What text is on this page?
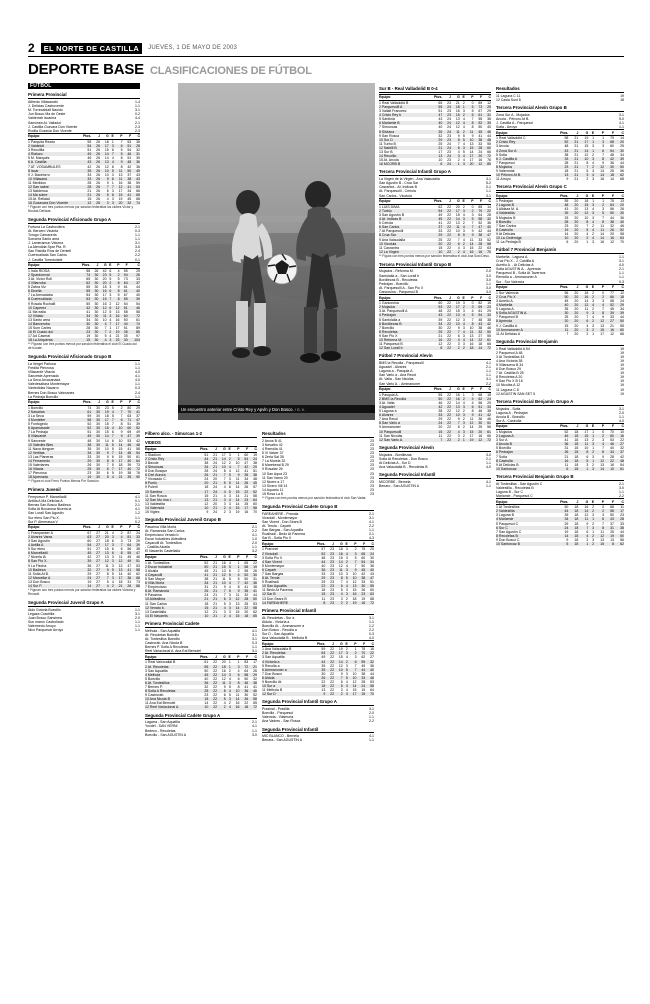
2	EL NORTE DE CASTILLA	JUEVES, 1 DE MAYO DE 2003
DEPORTE BASE CLASIFICACIONES DE FÚTBOL
Un encuentro anterior entre Cristo Rey y Apvln y Don Bosco. / G. V.
FÚTBOL
Primera Provincial
Atlhedo Villasanabl	1-4
J. Delicias Castroverde	1-1
M. Torrecablalt Nacido	3-1
Jun Bosco Ma de Oeste	0-2
Valderrab Iscarina	4-4
Sansinea At. Valladol	2-1
J. Castilla Gozvara Don Vicente	2-3
Rodila Gozavia Don Vicente	2-3
Equipo	Ptos.	J	G	E	P	F	C
1 Parquita Rezdo	55	26	18	1	7	53	36
2 Valdelolt	54	26	17	3	6	51	28
3 Recollita	51	26	15	6	5	54	32
4 Rialozo	49	26	14	7	5	46	31
5 M. Marqués	46	26	14	4	8	51	39
6 A. Castilla	43	26	13	4	9	48	36
7 AT. VOSAMBULES	42	26	12	6	8	42	36
8 Iscar	35	26	10	5	11	50	45
9 J. Bacetorro	33	26	10	3	13	37	43
10 Villasana	33	26	9	6	11	38	43
11 Medidos	28	26	9	1	16	38	59
12 San sabre	28	26	7	7	12	41	53
13 Naldensa	21	26	6	3	17	34	66
14 Ma sobre	21	26	5	6	15	41	65
15 At. Rellatal	15	26	4	3	19	45	68
16 Gozavara Don Vicente	12	26	3	3	20	32	74
* Figuran con tres puntos menos por sanción federativa los clubes Víctor y Nicolás Delicias.
Segunda Provincial Aficionado Grupo A
Fortuna La Castrovilera	2-1
At. Bercero Vicanta	0-3
Torogo Camaceria	1-1
Sonsera Santo area	1-1
J. Lameramun Viduma	3-1
La Atendida Spar Pta. R.	3-6
San Ratolla Ríos de Dentell	2-4
Cuerecallada San Carlos	2-2
J. Castilla Torredolablr	0-1
Equipo	Ptos.	J	G	E	P	F	C
1 Irala RIOSA	58	26	42	6	4	55	25
2 Spardomval	74	30	23	5	2	94	26
3 At. Victor Roll	65	30	20	5	5	73	33
4 Villarroba	62	30	20	2	8	64	37
5 Zabra Vlz	55	30	18	3	9	61	44
6 Dicella	55	30	16	6	8	61	40
7 La Arenadaba	54	30	17	3	5	67	40
8 Cuerecallada	53	30	15	7	8	55	39
9 Rosala Rochalll	50	30	16	2	12	54	54
10 Caperez	42	30	12	6	12	51	46
11 Ma ealla	41	30	12	5	13	58	58
12 Vildalo	34	30	11	3	16	60	72
13 Santo area	34	30	10	4	16	50	61
14 Banceroba	30	30	4	7	17	40	74
15 Sum Carles	28	30	7	1	17	51	89
16 El Cuado dol	23	30	7	2	19	35	85
17 Ad Caseral	19	30	5	4	21	35	97
18 La Arlquenta	15	30	4	3	23	30	104
** Figuran con tres puntos menos por sanción federativa el club El Cuado dol de bocale.
Segunda Provincial Aficionado Grupo B
La Vergel Parlona	1-1
Fredita Pterzosa	1-1
Villacarde Vitacia	4-0
Sanceste Aprenada	4-1
La Seca Arcacanada	4-0
Valedesaltara Montemayor	1-1
Vantedidas Navarro	0-3
Bernes Don Bosco Valecanes	2-4
La Pedraja Boecillo	1-1
Equipo	Ptos.	J	G	E	P	F	C
1 Boecillo	74	30	23	5	2	80	29
2 Navarlas	61	30	19	4	7	70	41
3 La Seca	59	30	18	5	7	63	37
4 Monteller	58	30	17	7	6	71	47
5 Fontogedo	52	30	15	7	8	51	39
6 Aparnasade	52	30	16	4	10	60	52
7 La Pedraja	51	30	15	6	9	69	49
8 Villacarde	49	30	14	7	9	47	39
9 Sanceste	48	30	14	6	10	53	42
10 Valedes Bles	38	30	11	5	14	46	48
11 Nava tlonguer	35	30	10	5	15	41	58
12 Vertitas	34	30	9	7	14	48	54
13 Las Planeras	33	30	9	6	15	50	61
14 Ferramedo	29	30	8	5	17	40	64
15 Valerianes	26	30	7	5	18	39	73
16 Vitacia	25	30	6	7	17	40	72
17 Pterzosa	23	30	6	5	19	38	76
18 Aprenada	19	30	5	4	21	35	90
** Figura el club Ferro Puntos Menos Por Sanción.
Primera Juvenil
Femporsor P. Marcelladll	4-1
Antilla A Ma Delicias A	0-1
Bernas San Bosco Badieza	2-1
Sotla At Bocarosa Niceria ia	4-1
San Lorall San Agustín	1-2
Sur etmo San Pio X.	1-1
Sur P. Almerasca V	0-2
Equipo	Ptos.	J	G	E	P	F	C
1 Frampanser A	67	27	21	4	2	87	24
2 Alvarez Varas	63	27	20	3	4	81	33
3 San Agustín	60	27	18	6	3	73	29
4 Antilla A	54	27	17	3	7	64	39
5 Sur etmo	51	27	15	6	6	56	38
6 Marcelladll	45	27	13	6	8	55	47
7 Nicerla lA	42	27	13	3	11	49	46
8 San Pio X.	39	27	12	3	12	49	51
9 La Flecha	36	27	11	3	13	47	53
10 Badieza	32	27	9	5	13	41	58
11 Sotla At B.	29	27	8	5	14	40	62
12 Marcellar A	24	27	7	3	17	36	68
13 Don Bosco	19	27	5	4	18	31	73
14 Sur P.	14	27	4	2	21	26	88
* Figuran con tres puntos menos por sanción federativa los clubes Victoria y Renault.
Segunda Provincial Juvenil Grupo A
Aldo Gotorla Boecillo	1-1
Legaza Cuadrilla	3-1
Juan Bosco Sansinea	2-0
Sun mamo Castrollado	1-1
Valermedo Arroyo	1-1
Nico Parquesar Arroyo	1-1
Filbero alco. - Simurcas 1-2
VIDEOS
Equipo	Ptos.	J	G	E	P	F	C
1 Stadium	51	21	17	3	1	60	19
2 Cristo Rey	44	21	14	2	5	54	24
3 Bacole	38	24	12	2	10	47	38
4 Simuncas	34	21	10	4	7	42	29
5 Don Bosque	28	24	8	4	12	41	51
6 Ceri Aurora	26	21	7	5	9	35	38
7 Vicosado C.	24	20	7	3	11	34	48
8 Puelo	20	21	5	5	11	26	45
9 Pulerli	18	24	4	6	14	26	57
10 Sambra	17	24	4	5	15	22	52
11 San Rosca	15	21	4	3	14	21	58
12 San Mu Ima I.	13	21	3	4	14	23	64
13 Valdestita	12	20	3	3	14	25	60
14 Valemdol	10	21	2	4	15	17	58
15 Vigtex	9	24	2	3	19	16	70
Segunda Provincial Juvenil Grupo B
Pasarina Villa Morla	2-1
At. Ramanola San Carlos	2-2
Emperciano Venato b.	4-1
Escar Industries Aldeallma	1-0
Cayacolll At. Tordesillos	2-0
- Castilla Alcalla	1-1
El Navarrils Castellalla	3-2
Equipo	Ptos.	J	G	E	P	F	C
1 At. Tordesillos	52	21	16	4	1	65	22
2 Escar Industrial	50	21	15	5	1	58	19
3 Alcalla	45	21	13	6	2	55	26
4 Cayacolll	41	21	12	5	4	52	30
5 San Mayor	38	21	11	5	5	50	31
6 Villa Morla	34	21	10	4	7	42	36
7 Emperciano	31	21	9	4	8	41	38
8 At. Ramanola	26	21	7	5	9	35	41
9 Pasarina	24	21	7	3	11	32	44
10 Aldeallma	21	21	6	3	12	28	50
11 San Carlos	18	21	5	3	13	25	53
12 Venato b.	15	21	4	3	14	22	58
13 Castellalla	12	21	3	3	15	20	62
14 El Navarrils	10	21	2	4	15	18	65
Primera Provincial Cadete
Melhola - San Aquatlla	4-1
At. Recoletas Boecillo	3-1
At. Tordesillos Boecillo	3-1
Castrorab. Ana Nicola B	0-3
Bernes P. Sotla A Recoletas	1-1
Reel Variacional A. Ana Eal Bemolel	3-1
Equipo	Ptos.	J	G	E	P	F	C
1 Real Valorcalial B	61	22	20	1	1	83	17
2 At. Recoletas	55	22	18	1	3	72	21
3 San Aquatlla	50	22	16	2	4	64	26
4 Melhola	45	22	14	3	5	58	29
5 Boecillo	40	22	12	4	6	50	32
6 At. Tordesillos	36	22	11	3	8	46	38
7 Bernes P.	32	22	9	5	8	41	41
8 Sotla A Recoletas	28	22	8	4	10	36	46
9 Castrorab.	23	22	6	5	11	30	52
10 Ana Nicola B	18	22	5	3	14	26	58
11 Ana Eal Bemolel	14	22	4	2	16	22	65
12 Reel Variacional A.	10	22	2	4	16	18	72
Segunda Provincial Cadete Grupo A
Lagarra - San Aquatlla	2-1
Yuxdel - SAN VERNI	4-1
Bedeco - Recoletas	1-1
Boecillo - San AGUSTIN A	3-0
Resultados
2 Arcos B 41	23
3 Nevalbo 42	23
4 Remolla 41	23
5 Vi Valver 37	23
6 Zeria Sal 35	23
7 La Morela 32	23
8 Mareberal B 29	23
9 Rosaliar 26	23
10 San Aqua 23	23
11 San Varno 20	23
12 Nuere a 17	23
13 Sivero Vlll 14	23
14 Aquario 11	23
15 Rosa La 8	23
** Figura con tres puntos menos por sanción federativa el club San Vadar.
Segunda Provincial Cadete Grupo B
FAREAHERE - Pranola	2-1
Vicsolall - Montemayor	3-1
San Vlcent - Don Sears B	4-1
At. Terola - Cayarb	2-2
San Bargas - San Aquatlla	1-1
Roallradi - Bedo At Pacema	2-1
Sar B - Sotla Pio X	4-3
Equipo	Ptos.	J	G	E	P	F	C
1 Praronel	57	23	18	3	2	75	20
2 Vicsolall	52	23	16	4	3	65	24
3 Sotla Pio X	48	23	15	3	5	60	30
4 San Vlcent	44	23	14	2	7	54	34
5 Montemayor	40	23	12	4	7	50	36
6 Cayarb	36	23	11	3	9	45	40
7 San Bargas	33	23	10	3	10	42	43
8 At. Terola	29	23	8	5	10	38	47
9 Roallradi	25	23	7	4	12	33	51
10 San Aquatlla	22	23	6	4	13	30	55
11 Bedo At Pacema	18	23	5	3	15	26	60
12 Sar B	15	23	4	3	16	23	63
13 Don Sears B	11	23	3	2	18	19	68
14 FAREAHERE	8	23	2	2	19	16	72
Primera Provincial Infantil
At. Recoletas - Sur a	3-1
Aldola - Victoria a	1-1
Boecillo At. - Ammanuner a	1-2
Don Bosco - Recolla a	2-2
Sur D - San Aquatlla	0-3
Ana Valaudalla B - Melhola B	4-0
Equipo	Ptos.	J	G	E	P	F	C
1 Ana Valaudalla B	59	22	19	2	1	78	16
2 At. Recoletas	54	22	17	3	2	70	22
3 San Aquatlla	49	22	15	4	3	62	27
4 Victoria a	44	22	14	2	6	55	32
5 Recolla a	39	22	12	3	7	49	36
6 Ammanuner a	35	22	10	5	7	44	40
7 Don Bosco	30	22	9	3	10	38	44
8 Aldola	26	22	7	5	10	33	48
9 Boecillo At.	22	22	6	4	12	28	53
10 Sur a	18	22	5	3	14	24	58
11 Melhola B	13	22	3	4	15	19	64
12 Sur D	9	22	2	3	17	15	70
Segunda Provincial Infantil Grupo A
Prasinal - Pradilla	3-1
Boeclllo - Parquesol	2-0
Valemda - Vilamurla	1-1
Ana Vadres - San Rosca	2-2
Segunda Provincial Infantil
MIC BLANCO - Bernela	4-1
Benara - San AGUSTIN A	1-1
Sur B - Real Valladolid B 0-4
Equipo	Ptos.	J	G	E	P	F	C
1 Real Valladolid B	65	23	21	2	0	89	12
2 Parquesolll A	55	24	18	1	5	73	25
3 Vallalt Francesc	51	23	16	3	5	67	29
4 Cristo Rey b	47	23	15	2	6	61	31
5 Sardinia	43	24	13	4	7	55	36
6 Marlamle B	40	24	12	4	8	52	39
7 Simuncas	40	24	12	4	8	50	40
8 Silviana	35	24	11	2	11	45	46
9 San Rosca	32	23	9	5	9	41	44
10 Sur D	29	23	8	5	10	38	48
11 Turbo B	25	24	7	4	13	33	55
12 Nabilll B	21	24	6	3	15	28	60
13 Sur B	17	23	4	5	14	24	66
14 Recolllo	13	24	3	4	17	20	72
15 At. Arcola	10	23	2	4	17	16	76
16 MCORB B	6	24	1	3	20	12	85
Tercera Provincial Infantil Grupo A
La Virgen de la Virgen - Ana Valaudalla	3-1
San Agustín B - Crua Sar	5-2
Casrantra - At. Indicas B	0-1
At. Parquesolll - Ceriola	1-1
San Carlos - Vicotula	3-1
Equipo	Ptos.	J	G	E	P	F	C
1 LUIS DIMA	62	22	20	2	0	85	14
2 Turbio	54	22	17	3	2	70	22
3 San Agustín B	49	22	15	4	3	64	28
4 At. Indicas B	45	22	14	3	5	58	32
5 Ceriola	41	22	13	2	7	52	36
6 San Carlos	37	22	11	4	7	47	40
7 At Parquesolll	33	22	10	3	9	42	44
8 Crua Sar	29	22	8	5	9	38	47
9 Ana Valaudalla	25	22	7	4	11	33	52
10 Vicotula	20	22	6	2	14	28	58
11 Casrantra	15	22	4	3	15	22	63
12 La Virgen	10	22	2	4	16	16	70
** Figura con tres puntos menos por sanción federativa el club Ana Sust Deso.
Tercera Provincial Infantil Grupo B
Mojados - Reforma M.	2-0
Santolalla a - San Lorall b	3-0
Bordilezas B - Recoletas	3-0
Pedrajan - Boecillo	1-1
At. Parquesolll A - San Pio X	3-0
Gancosina - Parquesol B	3-0
Equipo	Ptos.	J	G	E	P	F	C
1 Gancosina	60	22	19	3	0	82	15
2 Mojados	53	22	17	2	3	69	23
3 At. Parquesolll A	48	22	15	3	4	61	29
4 Pedrajan	43	22	13	4	5	54	33
5 Santolalla a	39	22	12	3	7	48	38
6 Bordilezas B	34	22	10	4	8	43	42
7 Boecillo	30	22	9	3	10	38	46
8 Recoletas	25	22	7	4	11	32	50
9 San Pio X	21	22	6	3	13	27	55
10 Reforma M.	16	22	4	4	14	22	61
11 Parquesol B	12	22	3	3	16	18	66
12 San Lorall b	8	22	2	2	18	14	72
Fútbol 7 Provincial Alevín
BMS Ia Recolla - Parquesolll	4-1
Aguadel - Alvarez	2-1
Laguna a - Pasquia A.	1-1
San Varlo a - Ana Recol	1-1
At. Valla - San Nicolás	3-1
San Varlo A. - Ammanuner	2-2
Equipo	Ptos.	J	G	E	P	F	C
1 Pasquia A.	55	22	18	1	3	68	18
2 BMS Ia Recolla	50	22	16	2	4	62	24
3 At. Valla	46	22	14	4	4	56	29
4 Aguadel	42	22	13	3	6	51	33
5 Laguna a	38	22	12	2	8	46	38
6 Alvarez	33	22	10	3	9	41	42
7 Ana Recol	29	22	9	2	11	36	46
8 San Varlo a	24	22	7	3	12	30	51
9 Ammanuner	20	22	6	2	14	25	56
10 Parquesolll	15	22	4	3	15	20	61
11 San Nicolás	11	22	3	2	17	16	66
12 San Varlo A.	7	22	2	1	19	12	72
Segunda Provincial Alevín
Mojados - Bordilezas	3-0
Sotla At Recoletas - Don Bosco	2-1
At Delicias A - Sur D	1-1
Ana Valaudalla B - Recoletas B	4-0
Segunda Provincial Infantil
MICORBE - Bernela	4-1
Benaro - San AGUSTIN A	1-1
Resultados
11 Laguna C 11	19
12 Casla Sunl 8	18
Tercera Provincial Alevín Grupo B
Zona Sur A - Mojados	3-1
Arcola - Pélvoro At B.	5-0
J. Castilla A - Parquesol	4-1
Sotla - Arroyo	1-1
Equipo	Ptos.	J	G	E	P	F	C
1 Real Valladolid C	58	21	19	1	1	79	14
2 Cristo Rey	52	21	17	1	3	68	20
3 Arcola	48	21	15	3	3	60	25
4 Zona Sur A	43	21	14	1	6	54	30
5 Sotla	38	21	12	2	7	48	34
6 J. Castilla A	33	21	10	3	8	42	39
7 Parquesol	28	21	8	4	9	36	44
8 Mojados	23	21	7	2	12	30	50
9 Valermdal	18	21	5	3	13	25	56
10 Pélvoro At B.	13	21	3	4	14	18	62
11 Arroyo	9	21	2	3	16	14	68
Tercera Provincial Alevín Grupo C
Equipo	Ptos.	J	G	E	P	F	C
1 Pedrajan	55	20	18	1	1	75	13
2 Laguna B	48	20	15	3	2	64	20
3 Alldaza M. A	43	20	13	4	3	56	26
4 Valdestilla	39	20	12	3	5	50	30
5 Mojados B	33	20	10	3	7	44	36
6 Boecillo	28	20	8	4	8	38	40
7 San Carlos	23	20	7	2	11	32	46
8 Castrolla	19	20	5	4	11	26	52
9 At Delicias	14	20	4	2	14	20	58
10 La Cistérniga	10	20	2	4	14	16	63
11 La Pedraja B	6	20	1	3	16	12	70
Fútbol 7 Provincial Benjamín
Marbella - Laguna A.	1-1
Cruz Pio X - J. Castilla A	3-1
Aurelio A. - At Delicias A	4-0
Sotla AGUSTIN A. - Aprenda	2-1
Parquesol B - Sotla At Tavernos	1-1
Remolla a - Ammanuner A	1-1
Sur - Sur Valencia	0-3
Equipo	Ptos.	J	G	E	P	F	C
1 Sur Valencia	56	20	18	2	0	77	12
2 Cruz Pio X	50	20	16	2	2	66	18
3 Aurelio A.	45	20	14	3	3	58	24
4 Marbella	40	20	12	4	4	52	29
5 Laguna A.	35	20	11	2	7	45	34
6 Sotla AGUSTIN A.	30	20	9	3	8	39	39
7 Parquesol B	25	20	7	4	9	33	44
8 Aprenda	20	20	6	2	12	27	50
9 J. Castilla A	15	20	4	3	13	21	55
10 Ammanuner A	11	20	3	2	15	16	60
11 At Delicias A	7	20	2	1	17	12	66
Segunda Provincial Benjamín
1 Real Valladolid A 54	19
2 Parquesol A 48	19
3 At Tordesillas 43	19
4 Ana Victoria 38	19
5 Villanueva B 34	19
6 Don Bosco 29	19
7 At. Castilla B 25	19
8 Recoletas A 20	19
9 San Pio X B 16	19
10 Nicolás A 12	19
11 Laguna C 8	19
12 AGUSTIN SAN SET 5	19
Tercera Provincial Benjamín Grupo A
Mojados - Sotla	3-1
Laguna A - Pedrajan	2-0
Arcola B - Boecillo	1-1
Sur A - Castrolla	4-0
Equipo	Ptos.	J	G	E	P	F	C
1 Mojados	52	18	17	1	0	70	10
2 Laguna A	46	18	15	1	2	60	16
3 Sur A	41	18	13	2	3	53	22
4 Arcola B	36	18	11	3	4	46	27
5 Boecillo	31	18	10	1	7	40	32
6 Pedrajan	26	18	8	2	8	34	37
7 Sotla	21	18	6	3	9	28	42
8 Castrolla	16	18	5	1	12	22	48
9 At Delicias B	11	18	3	2	13	16	54
10 Santorcaz	6	18	1	3	14	10	61
Tercera Provincial Benjamín Grupo B
At Tordesillas - San Agustín C	2-1
Valdestilla - Recoletas B	3-0
Laguna B - Sur C	1-1
Marlamle - Parquesol C	2-2
Equipo	Ptos.	J	G	E	P	F	C
1 At Tordesillas	50	18	16	2	0	68	11
2 Valdestilla	44	18	14	2	2	58	17
3 Laguna B	39	18	12	3	3	50	23
4 Marlamle	34	18	11	1	6	43	28
5 Parquesol C	29	18	9	2	7	37	33
6 Sur C	24	18	7	3	8	31	38
7 San Agustín C	19	18	6	1	11	25	44
8 Recoletas B	14	18	4	2	12	19	50
9 Don Bosco C	9	18	2	3	13	13	56
10 Santorcaz B	5	18	1	2	15	8	62
